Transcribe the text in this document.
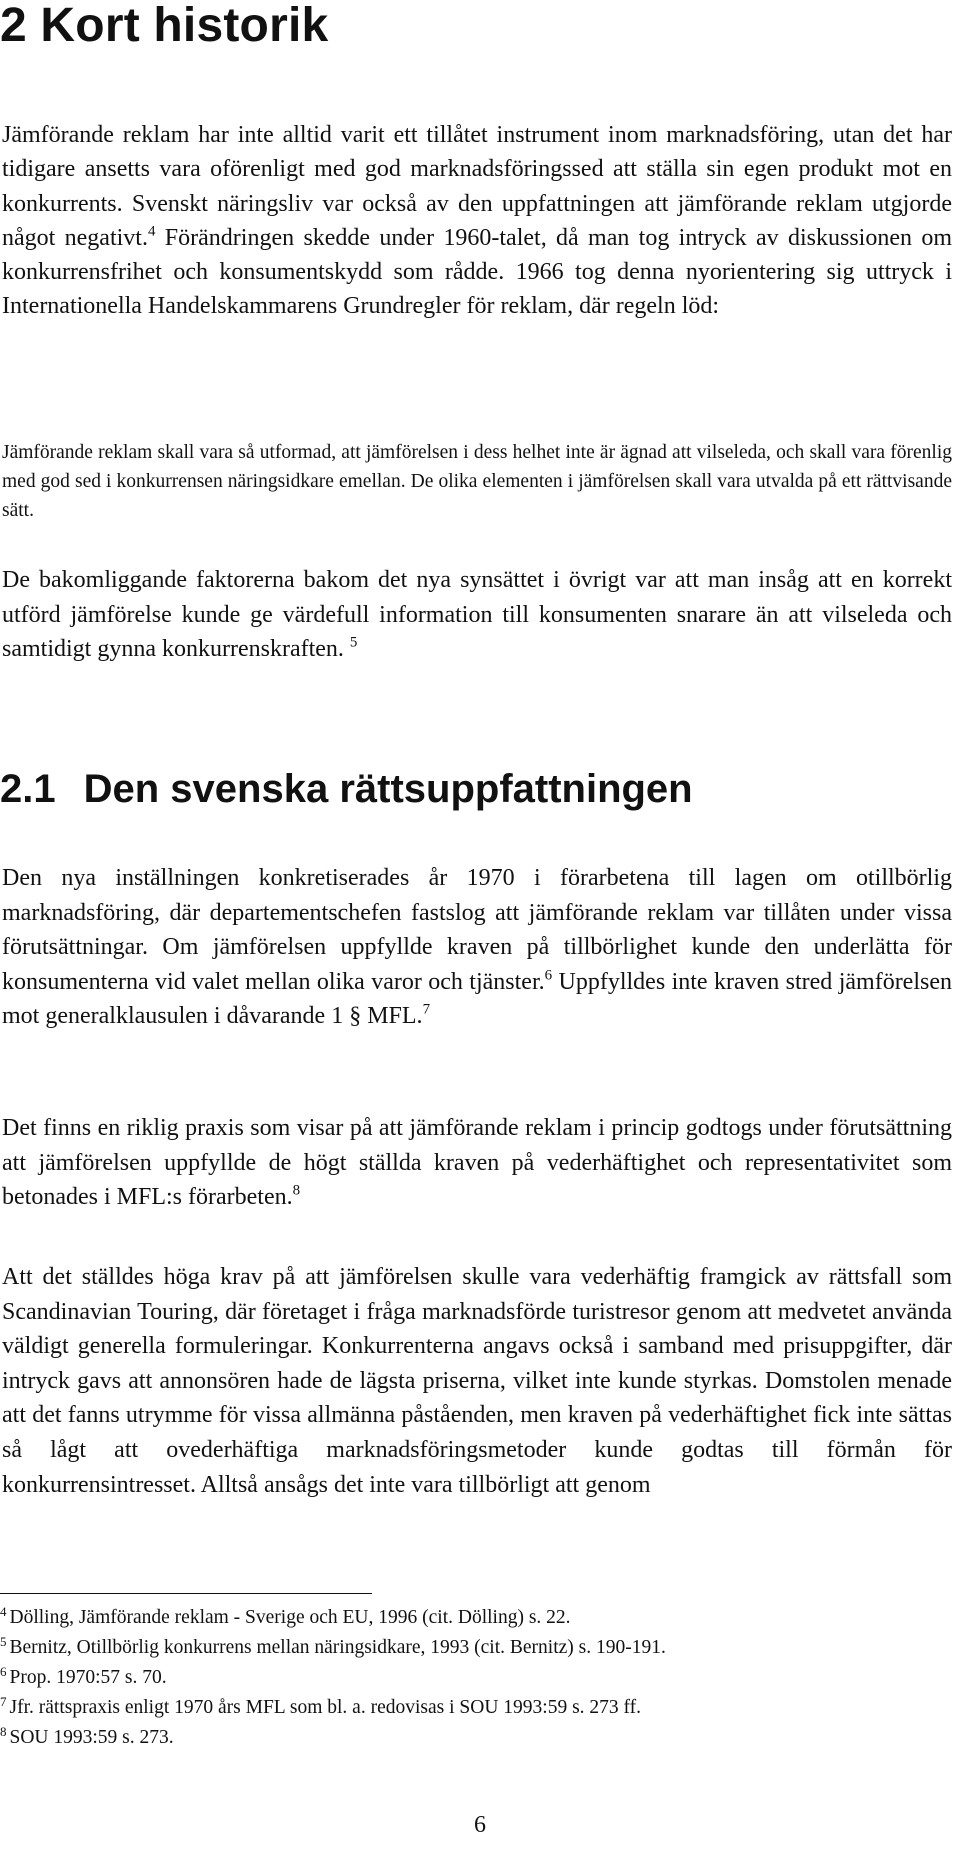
2 Kort historik

Jämförande reklam har inte alltid varit ett tillåtet instrument inom marknadsföring, utan det har tidigare ansetts vara oförenligt med god marknadsföringssed att ställa sin egen produkt mot en konkurrents. Svenskt näringsliv var också av den uppfattningen att jämförande reklam utgjorde något negativt.$^4$ Förändringen skedde under 1960-talet, då man tog intryck av diskussionen om konkurrensfrihet och konsumentskydd som rådde. 1966 tog denna nyorientering sig uttryck i Internationella Handelskammarens Grundregler för reklam, där regeln löd:

Jämförande reklam skall vara så utformad, att jämförelsen i dess helhet inte är ägnad att vilseleda, och skall vara förenlig med god sed i konkurrensen näringsidkare emellan. De olika elementen i jämförelsen skall vara utvalda på ett rättvisande sätt.

De bakomliggande faktorerna bakom det nya synsättet i övrigt var att man insåg att en korrekt utförd jämförelse kunde ge värdefull information till konsumenten snarare än att vilseleda och samtidigt gynna konkurrenskraften. $^5$

2.1 Den svenska rättsuppfattningen

Den nya inställningen konkretiserades år 1970 i förarbetena till lagen om otillbörlig marknadsföring, där departementschefen fastslog att jämförande reklam var tillåten under vissa förutsättningar. Om jämförelsen uppfyllde kraven på tillbörlighet kunde den underlätta för konsumenterna vid valet mellan olika varor och tjänster.$^6$ Uppfylldes inte kraven stred jämförelsen mot generalklausulen i dåvarande 1 § MFL.$^7$

Det finns en riklig praxis som visar på att jämförande reklam i princip godtogs under förutsättning att jämförelsen uppfyllde de högt ställda kraven på vederhäftighet och representativitet som betonades i MFL:s förarbeten.$^8$

Att det ställdes höga krav på att jämförelsen skulle vara vederhäftig framgick av rättsfall som Scandinavian Touring, där företaget i fråga marknadsförde turistresor genom att medvetet använda väldigt generella formuleringar. Konkurrenterna angavs också i samband med prisuppgifter, där intryck gavs att annonsören hade de lägsta priserna, vilket inte kunde styrkas. Domstolen menade att det fanns utrymme för vissa allmänna påståenden, men kraven på vederhäftighet fick inte sättas så lågt att ovederhäftiga marknadsföringsmetoder kunde godtas till förmån för konkurrensintresset. Alltså ansågs det inte vara tillbörligt att genom

$^4$ Dölling, Jämförande reklam - Sverige och EU, 1996 (cit. Dölling) s. 22.
$^5$ Bernitz, Otillbörlig konkurrens mellan näringsidkare, 1993 (cit. Bernitz) s. 190-191.
$^6$ Prop. 1970:57 s. 70.
$^7$ Jfr. rättspraxis enligt 1970 års MFL som bl. a. redovisas i SOU 1993:59 s. 273 ff.
$^8$ SOU 1993:59 s. 273.
6
